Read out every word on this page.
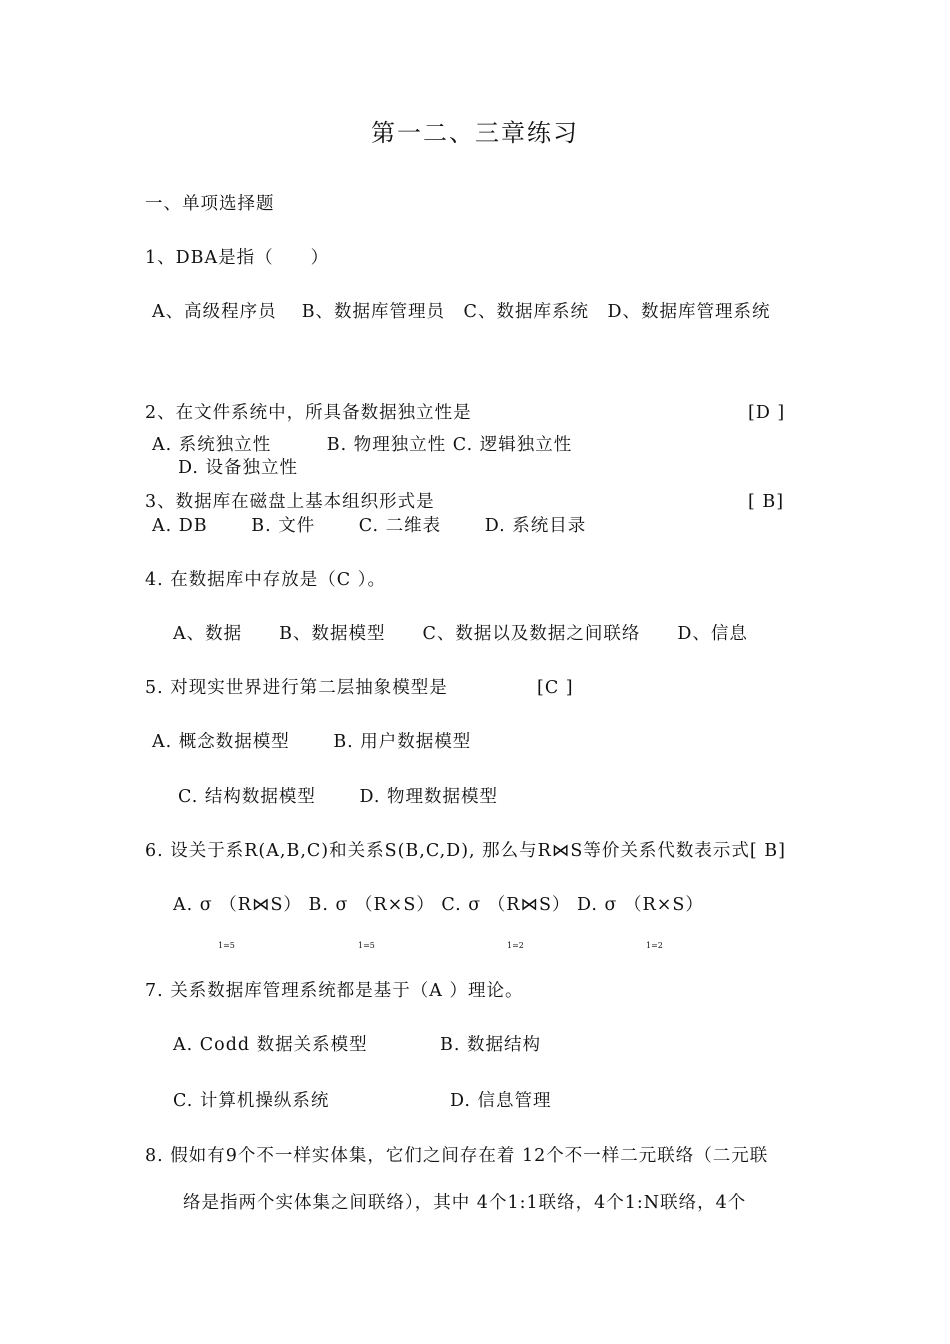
第一二、三章练习
一、单项选择题
1、DBA是指（　　）
A、高级程序员　 B、数据库管理员　C、数据库系统　D、数据库管理系统
2、在文件系统中，所具备数据独立性是	[D ]
A. 系统独立性　　　B. 物理独立性 C. 逻辑独立性
D. 设备独立性
3、数据库在磁盘上基本组织形式是	[ B]
A. DB　　 B. 文件　　 C. 二维表　　 D. 系统目录
4. 在数据库中存放是（C ）。
A、数据　　B、数据模型　　C、数据以及数据之间联络　　D、信息
5. 对现实世界进行第二层抽象模型是	[C ]
A. 概念数据模型　　 B. 用户数据模型
C. 结构数据模型　　 D. 物理数据模型
6. 设关于系R(A,B,C)和关系S(B,C,D), 那么与R⋈S等价关系代数表示式[ B]
A. σ （R⋈S） B. σ （R×S） C. σ （R⋈S） D. σ （R×S）
1=5	1=5	1=2	1=2
7. 关系数据库管理系统都是基于（A ）理论。
A. Codd 数据关系模型	B. 数据结构
C. 计算机操纵系统	D. 信息管理
8. 假如有9个不一样实体集，它们之间存在着 12个不一样二元联络（二元联
络是指两个实体集之间联络），其中 4个1:1联络，4个1:N联络，4个
